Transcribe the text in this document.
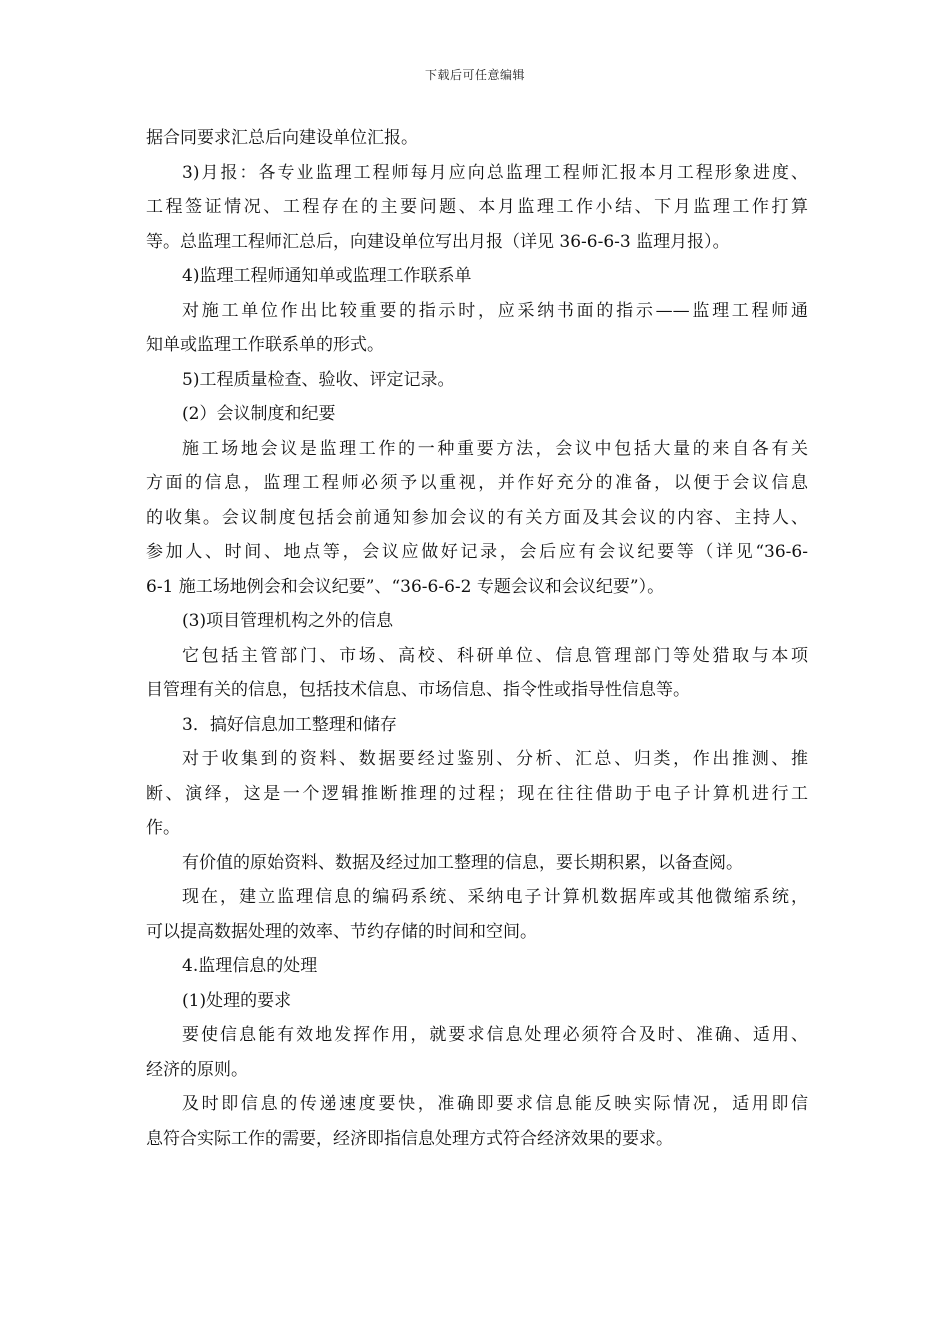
下载后可任意编辑
据合同要求汇总后向建设单位汇报。
3)月报：各专业监理工程师每月应向总监理工程师汇报本月工程形象进度、
工程签证情况、工程存在的主要问题、本月监理工作小结、下月监理工作打算
等。总监理工程师汇总后，向建设单位写出月报（详见 36-6-6-3 监理月报）。
4)监理工程师通知单或监理工作联系单
对施工单位作出比较重要的指示时，应采纳书面的指示——监理工程师通
知单或监理工作联系单的形式。
5)工程质量检查、验收、评定记录。
(2）会议制度和纪要
施工场地会议是监理工作的一种重要方法，会议中包括大量的来自各有关
方面的信息，监理工程师必须予以重视，并作好充分的准备，以便于会议信息
的收集。会议制度包括会前通知参加会议的有关方面及其会议的内容、主持人、
参加人、时间、地点等，会议应做好记录，会后应有会议纪要等（详见“36-6-
6-1 施工场地例会和会议纪要”、“36-6-6-2 专题会议和会议纪要”）。
(3)项目管理机构之外的信息
它包括主管部门、市场、高校、科研单位、信息管理部门等处猎取与本项
目管理有关的信息，包括技术信息、市场信息、指令性或指导性信息等。
3．搞好信息加工整理和储存
对于收集到的资料、数据要经过鉴别、分析、汇总、归类，作出推测、推
断、演绎，这是一个逻辑推断推理的过程；现在往往借助于电子计算机进行工
作。
有价值的原始资料、数据及经过加工整理的信息，要长期积累，以备查阅。
现在，建立监理信息的编码系统、采纳电子计算机数据库或其他微缩系统，
可以提高数据处理的效率、节约存储的时间和空间。
4.监理信息的处理
(1)处理的要求
要使信息能有效地发挥作用，就要求信息处理必须符合及时、准确、适用、
经济的原则。
及时即信息的传递速度要快，准确即要求信息能反映实际情况，适用即信
息符合实际工作的需要，经济即指信息处理方式符合经济效果的要求。
